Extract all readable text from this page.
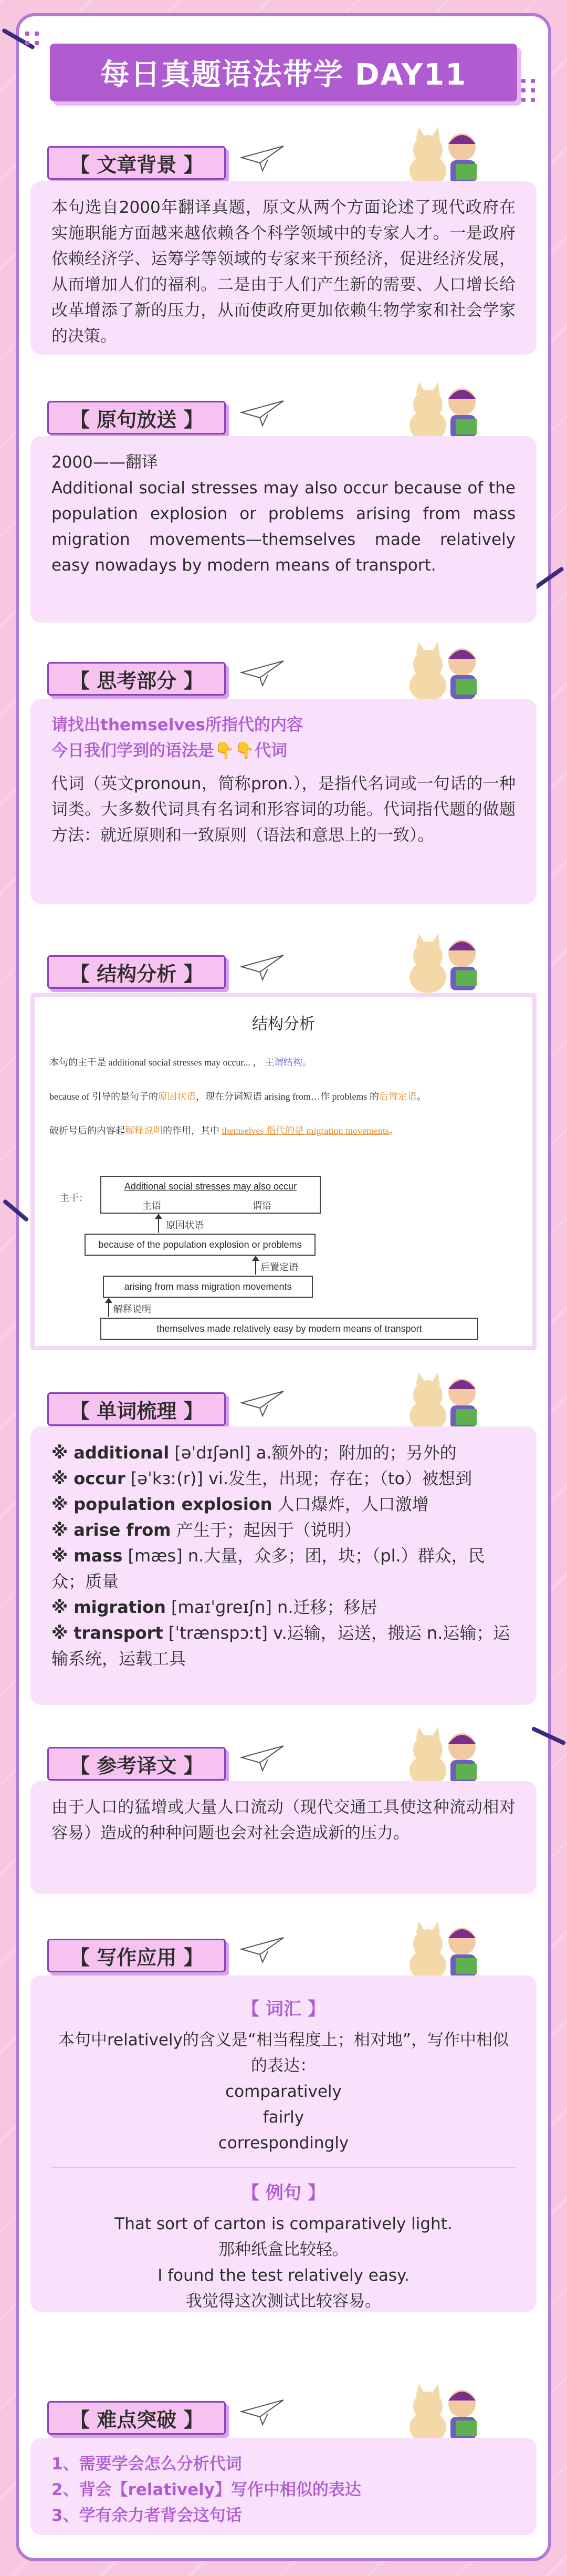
每日真题语法带学 DAY11
【 文章背景 】
本句选自2000年翻译真题，原文从两个方面论述了现代政府在实施职能方面越来越依赖各个科学领域中的专家人才。一是政府依赖经济学、运筹学等领域的专家来干预经济，促进经济发展，从而增加人们的福利。二是由于人们产生新的需要、人口增长给改革增添了新的压力，从而使政府更加依赖生物学家和社会学家的决策。
【 原句放送 】
2000——翻译
Additional social stresses may also occur because of the population explosion or problems arising from mass migration movements—themselves made relatively easy nowadays by modern means of transport.
【 思考部分 】
请找出themselves所指代的内容
今日我们学到的语法是👇👇代词
代词（英文pronoun，简称pron.），是指代名词或一句话的一种词类。大多数代词具有名词和形容词的功能。代词指代题的做题方法：就近原则和一致原则（语法和意思上的一致）。
【 结构分析 】
结构分析
本句的主干是 additional social stresses may occur... ， 主谓结构。
because of 引导的是句子的原因状语，现在分词短语 arising from…作 problems 的后置定语。
破折号后的内容起解释说明的作用，其中 themselves 指代的是 migration movements。
主干：
Additional social stresses may also occur
主语	谓语
原因状语
because of the population explosion or problems
后置定语
arising from mass migration movements
解释说明
themselves made relatively easy by modern means of transport
【 单词梳理 】
※ additional [əˈdɪʃənl] a.额外的；附加的；另外的
※ occur [əˈkɜː(r)] vi.发生，出现；存在；（to）被想到
※ population explosion 人口爆炸，人口激增
※ arise from 产生于；起因于（说明）
※ mass [mæs] n.大量，众多；团，块；（pl.）群众，民众；质量
※ migration [maɪˈɡreɪʃn] n.迁移；移居
※ transport [ˈtrænspɔːt] v.运输，运送，搬运 n.运输；运输系统，运载工具
【 参考译文 】
由于人口的猛增或大量人口流动（现代交通工具使这种流动相对容易）造成的种种问题也会对社会造成新的压力。
【 写作应用 】
【 词汇 】
本句中relatively的含义是“相当程度上；相对地”，写作中相似的表达：
comparatively
fairly
correspondingly
【 例句 】
That sort of carton is comparatively light.
那种纸盒比较轻。
I found the test relatively easy.
我觉得这次测试比较容易。
【 难点突破 】
1、需要学会怎么分析代词
2、背会【relatively】写作中相似的表达
3、学有余力者背会这句话
